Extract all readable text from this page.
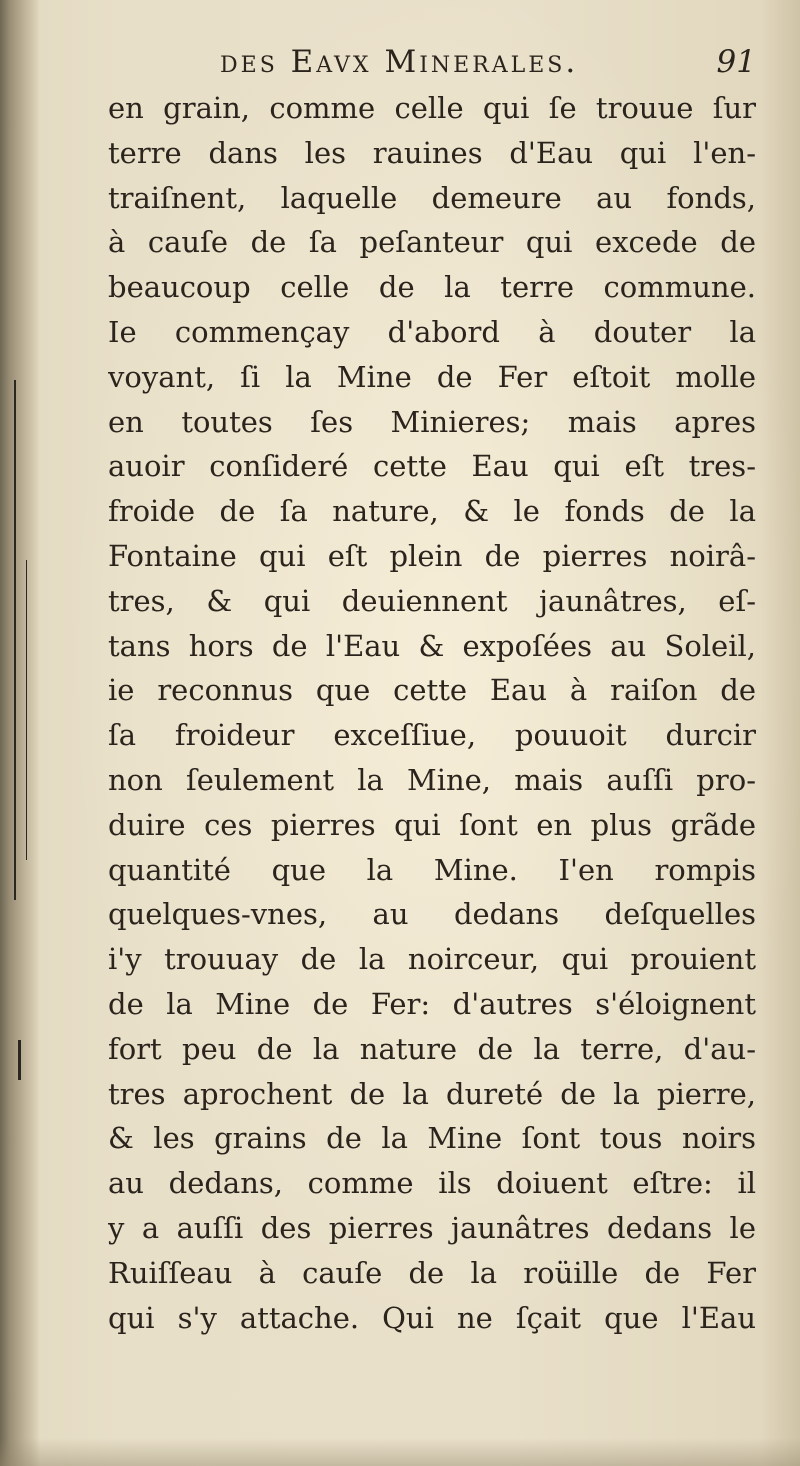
des Eavx Minerales.	91
en grain, comme celle qui ſe trouue ſur
terre dans les rauines d'Eau qui l'en-
traiſnent, laquelle demeure au fonds,
à cauſe de ſa peſanteur qui excede de
beaucoup celle de la terre commune.
Ie commençay d'abord à douter la
voyant, ſi la Mine de Fer eſtoit molle
en toutes ſes Minieres; mais apres
auoir conſideré cette Eau qui eſt tres-
froide de ſa nature, & le fonds de la
Fontaine qui eſt plein de pierres noirâ-
tres, & qui deuiennent jaunâtres, eſ-
tans hors de l'Eau & expoſées au Soleil,
ie reconnus que cette Eau à raiſon de
ſa froideur exceſſiue, pouuoit durcir
non ſeulement la Mine, mais auſſi pro-
duire ces pierres qui ſont en plus grãde
quantité que la Mine. I'en rompis
quelques-vnes, au dedans deſquelles
i'y trouuay de la noirceur, qui prouient
de la Mine de Fer: d'autres s'éloignent
fort peu de la nature de la terre, d'au-
tres aprochent de la dureté de la pierre,
& les grains de la Mine ſont tous noirs
au dedans, comme ils doiuent eſtre: il
y a auſſi des pierres jaunâtres dedans le
Ruiſſeau à cauſe de la roüille de Fer
qui s'y attache. Qui ne ſçait que l'Eau
